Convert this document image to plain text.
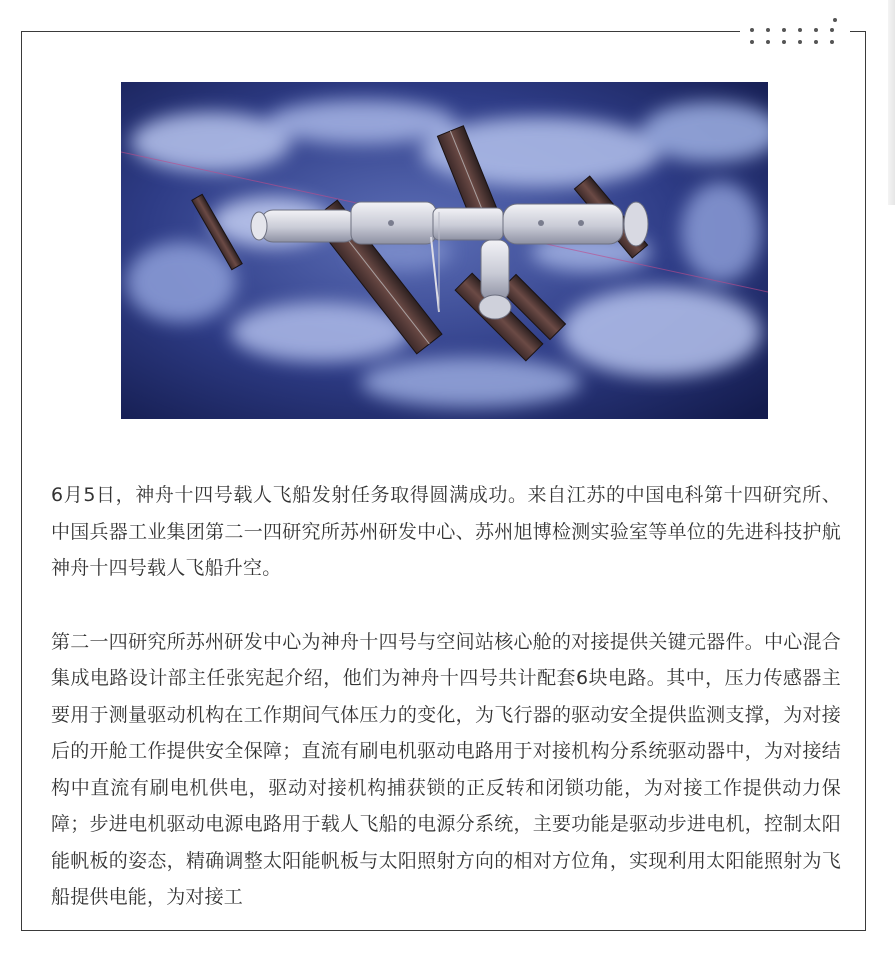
6月5日，神舟十四号载人飞船发射任务取得圆满成功。来自江苏的中国电科第十四研究所、中国兵器工业集团第二一四研究所苏州研发中心、苏州旭博检测实验室等单位的先进科技护航神舟十四号载人飞船升空。

第二一四研究所苏州研发中心为神舟十四号与空间站核心舱的对接提供关键元器件。中心混合集成电路设计部主任张宪起介绍，他们为神舟十四号共计配套6块电路。其中，压力传感器主要用于测量驱动机构在工作期间气体压力的变化，为飞行器的驱动安全提供监测支撑，为对接后的开舱工作提供安全保障；直流有刷电机驱动电路用于对接机构分系统驱动器中，为对接结构中直流有刷电机供电，驱动对接机构捕获锁的正反转和闭锁功能，为对接工作提供动力保障；步进电机驱动电源电路用于载人飞船的电源分系统，主要功能是驱动步进电机，控制太阳能帆板的姿态，精确调整太阳能帆板与太阳照射方向的相对方位角，实现利用太阳能照射为飞船提供电能，为对接工
